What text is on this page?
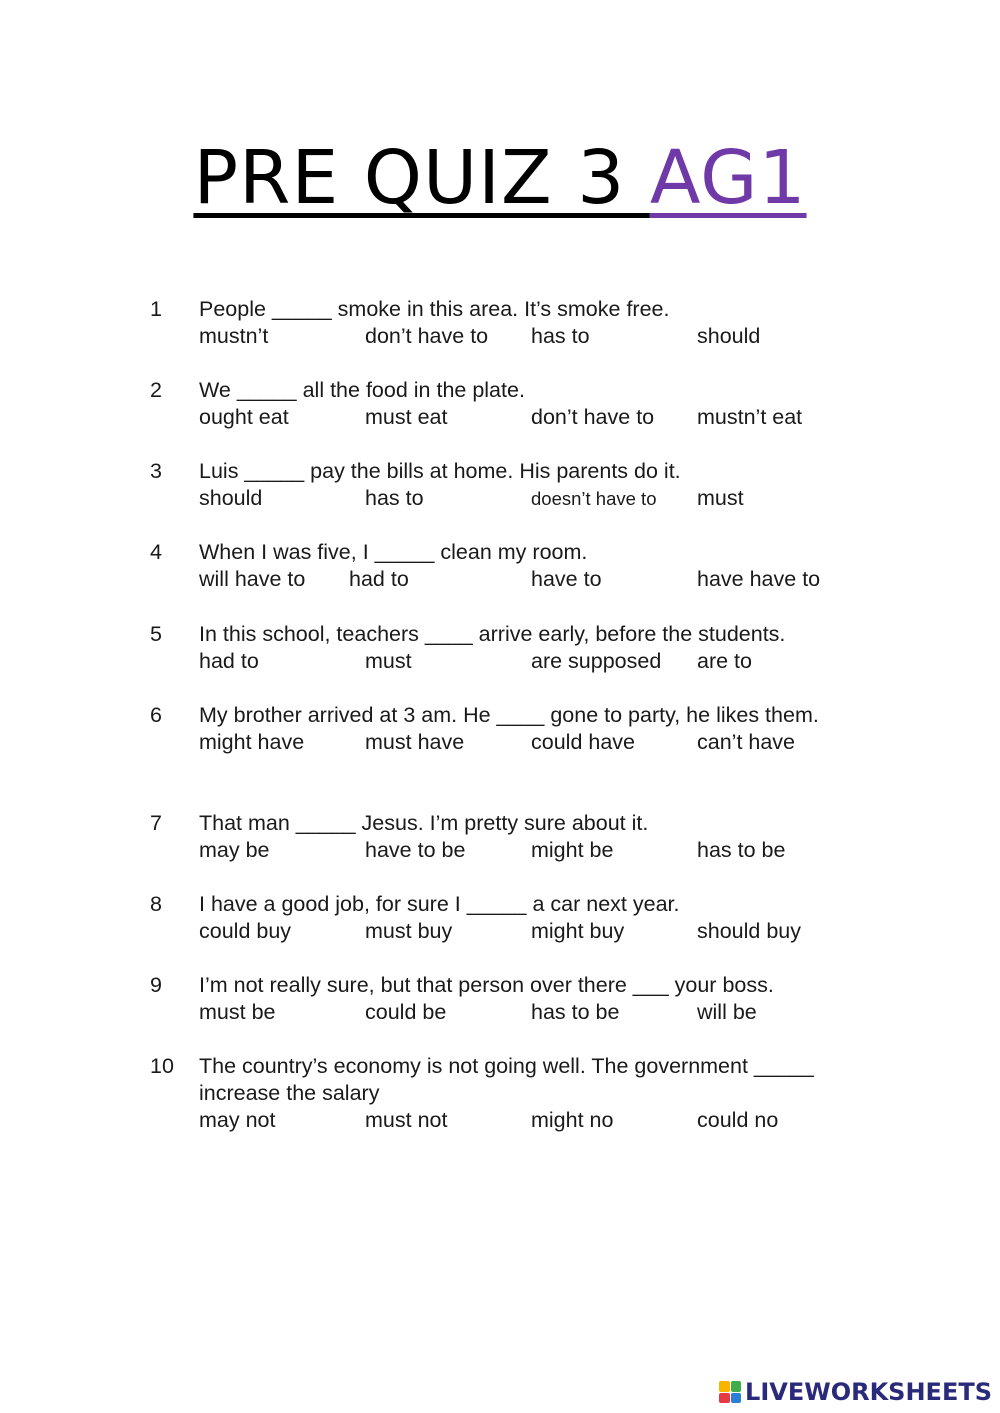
PRE QUIZ 3 AG1
1	People _____ smoke in this area. It’s smoke free.
mustn’t	don’t have to	has to	should
2	We _____ all the food in the plate.
ought eat	must eat	don’t have to	mustn’t eat
3	Luis _____ pay the bills at home. His parents do it.
should	has to	doesn’t have to	must
4	When I was five, I _____ clean my room.
will have to	had to	have to	have have to
5	In this school, teachers ____ arrive early, before the students.
had to	must	are supposed	are to
6	My brother arrived at 3 am. He ____ gone to party, he likes them.
might have	must have	could have	can’t have
7	That man _____ Jesus. I’m pretty sure about it.
may be	have to be	might be	has to be
8	I have a good job, for sure I _____ a car next year.
could buy	must buy	might buy	should buy
9	I’m not really sure, but that person over there ___ your boss.
must be	could be	has to be	will be
10	The country’s economy is not going well. The government _____ increase the salary
may not	must not	might no	could no
LIVEWORKSHEETS
